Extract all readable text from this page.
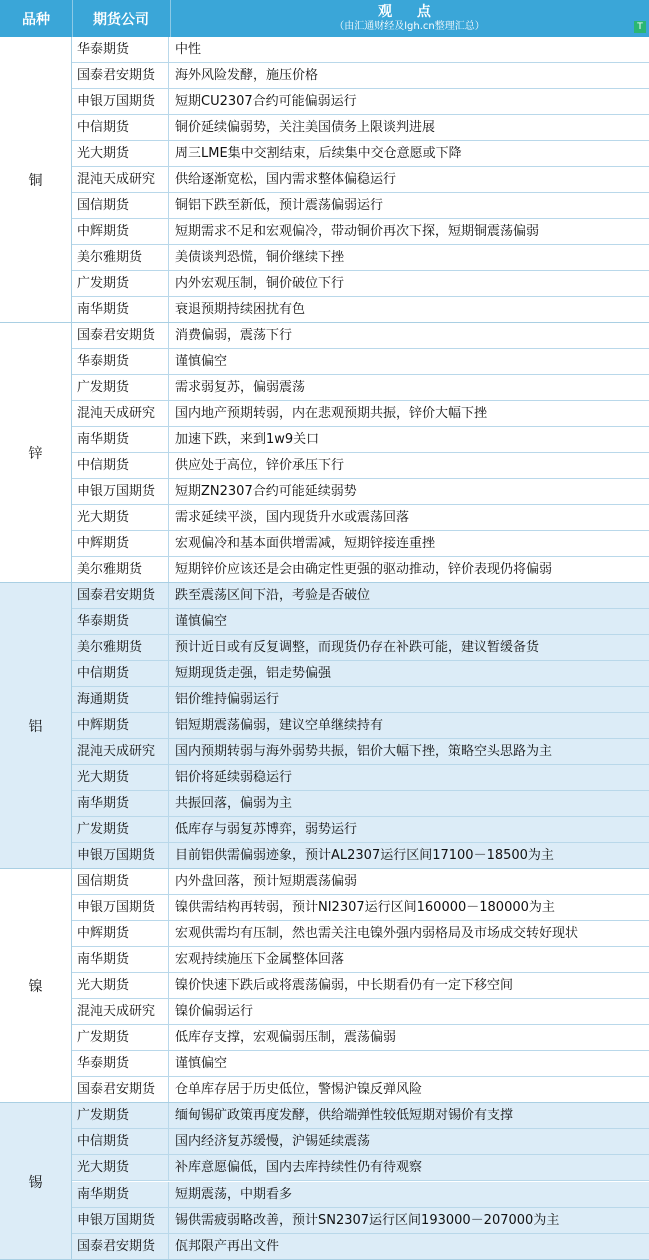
品种	期货公司	观 点
（由汇通财经及lgh.cn整理汇总）	T
铜
华泰期货	中性
国泰君安期货	海外风险发酵，施压价格
申银万国期货	短期CU2307合约可能偏弱运行
中信期货	铜价延续偏弱势，关注美国债务上限谈判进展
光大期货	周三LME集中交割结束，后续集中交仓意愿或下降
混沌天成研究	供给逐渐宽松，国内需求整体偏稳运行
国信期货	铜铝下跌至新低，预计震荡偏弱运行
中辉期货	短期需求不足和宏观偏冷，带动铜价再次下探，短期铜震荡偏弱
美尔雅期货	美债谈判恐慌，铜价继续下挫
广发期货	内外宏观压制，铜价破位下行
南华期货	衰退预期持续困扰有色
锌
国泰君安期货	消费偏弱，震荡下行
华泰期货	谨慎偏空
广发期货	需求弱复苏，偏弱震荡
混沌天成研究	国内地产预期转弱，内在悲观预期共振，锌价大幅下挫
南华期货	加速下跌，来到1w9关口
中信期货	供应处于高位，锌价承压下行
申银万国期货	短期ZN2307合约可能延续弱势
光大期货	需求延续平淡，国内现货升水或震荡回落
中辉期货	宏观偏冷和基本面供增需减，短期锌接连重挫
美尔雅期货	短期锌价应该还是会由确定性更强的驱动推动，锌价表现仍将偏弱
铝
国泰君安期货	跌至震荡区间下沿，考验是否破位
华泰期货	谨慎偏空
美尔雅期货	预计近日或有反复调整，而现货仍存在补跌可能，建议暂缓备货
中信期货	短期现货走强，铝走势偏强
海通期货	铝价维持偏弱运行
中辉期货	铝短期震荡偏弱，建议空单继续持有
混沌天成研究	国内预期转弱与海外弱势共振，铝价大幅下挫，策略空头思路为主
光大期货	铝价将延续弱稳运行
南华期货	共振回落，偏弱为主
广发期货	低库存与弱复苏博弈，弱势运行
申银万国期货	目前铝供需偏弱迹象，预计AL2307运行区间17100－18500为主
镍
国信期货	内外盘回落，预计短期震荡偏弱
申银万国期货	镍供需结构再转弱，预计NI2307运行区间160000－180000为主
中辉期货	宏观供需均有压制，然也需关注电镍外强内弱格局及市场成交转好现状
南华期货	宏观持续施压下金属整体回落
光大期货	镍价快速下跌后或将震荡偏弱，中长期看仍有一定下移空间
混沌天成研究	镍价偏弱运行
广发期货	低库存支撑，宏观偏弱压制，震荡偏弱
华泰期货	谨慎偏空
国泰君安期货	仓单库存居于历史低位，警惕沪镍反弹风险
锡
广发期货	缅甸锡矿政策再度发酵，供给端弹性较低短期对锡价有支撑
中信期货	国内经济复苏缓慢，沪锡延续震荡
光大期货	补库意愿偏低，国内去库持续性仍有待观察
南华期货	短期震荡，中期看多
申银万国期货	锡供需疲弱略改善，预计SN2307运行区间193000－207000为主
国泰君安期货	佤邦限产再出文件
